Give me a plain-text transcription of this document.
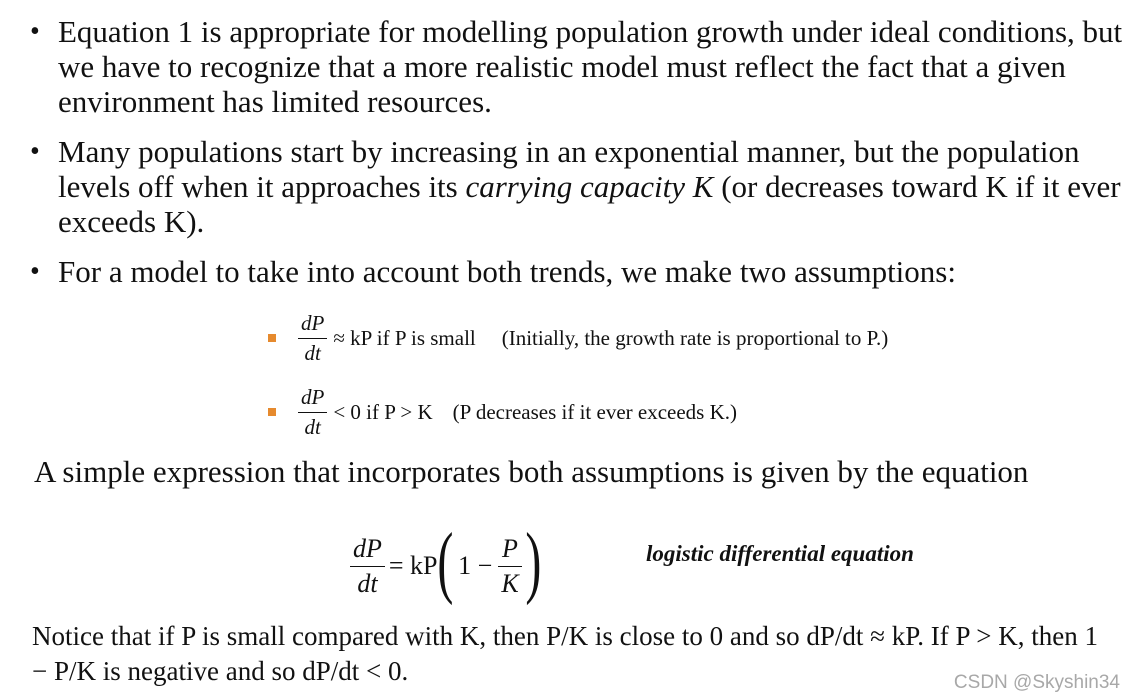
• Equation 1 is appropriate for modelling population growth under ideal conditions, but we have to recognize that a more realistic model must reflect the fact that a given environment has limited resources.
• Many populations start by increasing in an exponential manner, but the population levels off when it approaches its carrying capacity K (or decreases toward K if it ever exceeds K).
• For a model to take into account both trends, we make two assumptions:
$\frac{dP}{dt}$ ≈ kP if P is small (Initially, the growth rate is proportional to P.)
$\frac{dP}{dt} < 0$ if P > K (P decreases if it ever exceeds K.)
A simple expression that incorporates both assumptions is given by the equation
$\frac{dP}{dt}$ = kP ( $1 - \frac{P}{K}$ )	logistic differential equation
Notice that if P is small compared with K, then P/K is close to 0 and so dP/dt ≈ kP. If P > K, then 1 − P/K is negative and so dP/dt < 0.	CSDN @Skyshin34
